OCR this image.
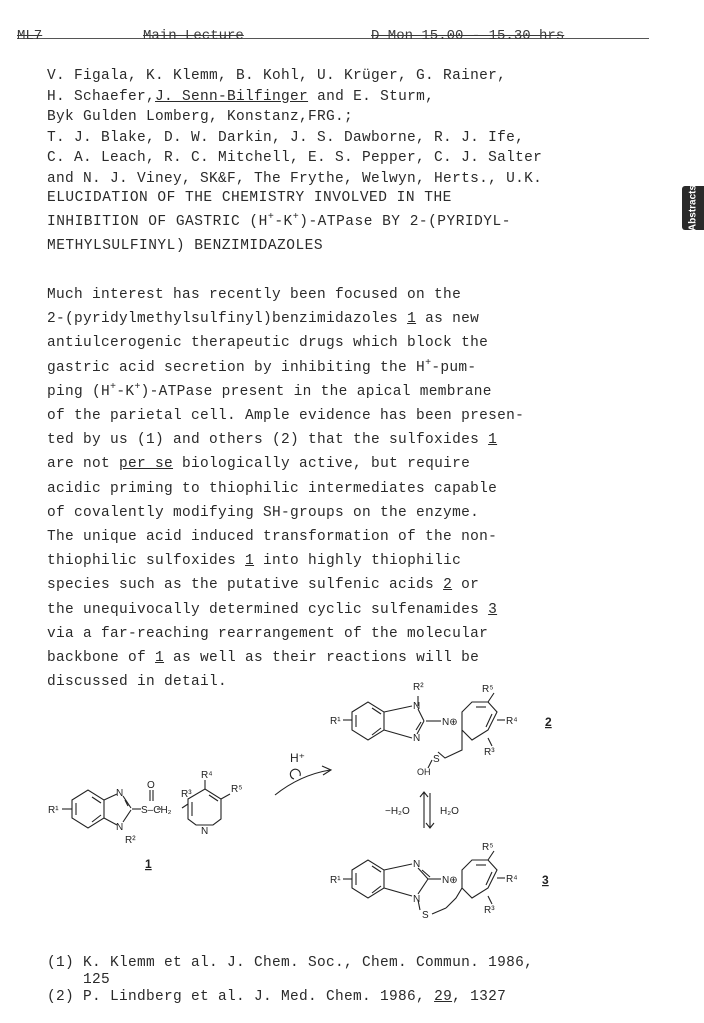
ML7	Main Lecture	D Mon 15.00 - 15.30 hrs
Abstracts
V. Figala, K. Klemm, B. Kohl, U. Krüger, G. Rainer,
H. Schaefer,J. Senn-Bilfinger and E. Sturm,
Byk Gulden Lomberg, Konstanz,FRG.;
T. J. Blake, D. W. Darkin, J. S. Dawborne, R. J. Ife,
C. A. Leach, R. C. Mitchell, E. S. Pepper, C. J. Salter
and N. J. Viney, SK&F, The Frythe, Welwyn, Herts., U.K.
ELUCIDATION OF THE CHEMISTRY INVOLVED IN THE
INHIBITION OF GASTRIC (H+-K+)-ATPase BY 2-(PYRIDYL-
METHYLSULFINYL) BENZIMIDAZOLES
Much interest has recently been focused on the
2-(pyridylmethylsulfinyl)benzimidazoles 1 as new
antiulcerogenic therapeutic drugs which block the
gastric acid secretion by inhibiting the H+-pum-
ping (H+-K+)-ATPase present in the apical membrane
of the parietal cell. Ample evidence has been presen-
ted by us (1) and others (2) that the sulfoxides 1
are not per se biologically active, but require
acidic priming to thiophilic intermediates capable
of covalently modifying SH-groups on the enzyme.
The unique acid induced transformation of the non-
thiophilic sulfoxides 1 into highly thiophilic
species such as the putative sulfenic acids 2 or
the unequivocally determined cyclic sulfenamides 3
via a far-reaching rearrangement of the molecular
backbone of 1 as well as their reactions will be
discussed in detail.
R¹
N
N
R²
O
S–CH₂
R³
R⁴
R⁵
N
1
H⁺
R¹
N
N
R²
N⊕
R⁵
R⁴
R³
S
OH
2
−H₂O	H₂O
R¹
N
N
N⊕
S
R⁵
R⁴
R³
3
(1) K. Klemm et al. J. Chem. Soc., Chem. Commun. 1986,
125
(2) P. Lindberg et al. J. Med. Chem. 1986, 29, 1327
